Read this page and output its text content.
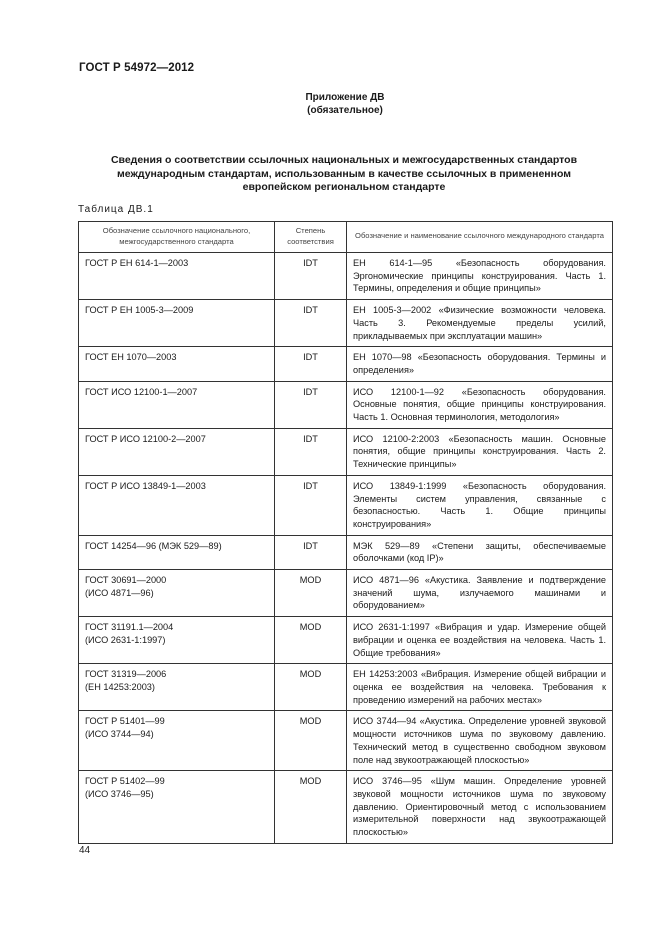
ГОСТ Р 54972—2012
Приложение ДВ
(обязательное)
Сведения о соответствии ссылочных национальных и межгосударственных стандартов международным стандартам, использованным в качестве ссылочных в примененном европейском региональном стандарте
Таблица ДВ.1
Обозначение ссылочного национального, межгосударственного стандарта	Степень соответствия	Обозначение и наименование ссылочного международного стандарта
ГОСТ Р ЕН 614-1—2003	IDT	ЕН 614-1—95 «Безопасность оборудования. Эргономические принципы конструирования. Часть 1. Термины, определения и общие принципы»
ГОСТ Р ЕН 1005-3—2009	IDT	ЕН 1005-3—2002 «Физические возможности человека. Часть 3. Рекомендуемые пределы усилий, прикладываемых при эксплуатации машин»
ГОСТ ЕН 1070—2003	IDT	ЕН 1070—98 «Безопасность оборудования. Термины и определения»
ГОСТ ИСО 12100-1—2007	IDT	ИСО 12100-1—92 «Безопасность оборудования. Основные понятия, общие принципы конструирования. Часть 1. Основная терминология, методология»
ГОСТ Р ИСО 12100-2—2007	IDT	ИСО 12100-2:2003 «Безопасность машин. Основные понятия, общие принципы конструирования. Часть 2. Технические принципы»
ГОСТ Р ИСО 13849-1—2003	IDT	ИСО 13849-1:1999 «Безопасность оборудования. Элементы систем управления, связанные с безопасностью. Часть 1. Общие принципы конструирования»
ГОСТ 14254—96 (МЭК 529—89)	IDT	МЭК 529—89 «Степени защиты, обеспечиваемые оболочками (код IP)»
ГОСТ 30691—2000
(ИСО 4871—96)	MOD	ИСО 4871—96 «Акустика. Заявление и подтверждение значений шума, излучаемого машинами и оборудованием»
ГОСТ 31191.1—2004
(ИСО 2631-1:1997)	MOD	ИСО 2631-1:1997 «Вибрация и удар. Измерение общей вибрации и оценка ее воздействия на человека. Часть 1. Общие требования»
ГОСТ 31319—2006
(ЕН 14253:2003)	MOD	ЕН 14253:2003 «Вибрация. Измерение общей вибрации и оценка ее воздействия на человека. Требования к проведению измерений на рабочих местах»
ГОСТ Р 51401—99
(ИСО 3744—94)	MOD	ИСО 3744—94 «Акустика. Определение уровней звуковой мощности источников шума по звуковому давлению. Технический метод в существенно свободном звуковом поле над звукоотражающей плоскостью»
ГОСТ Р 51402—99
(ИСО 3746—95)	MOD	ИСО 3746—95 «Шум машин. Определение уровней звуковой мощности источников шума по звуковому давлению. Ориентировочный метод с использованием измерительной поверхности над звукоотражающей плоскостью»
44
